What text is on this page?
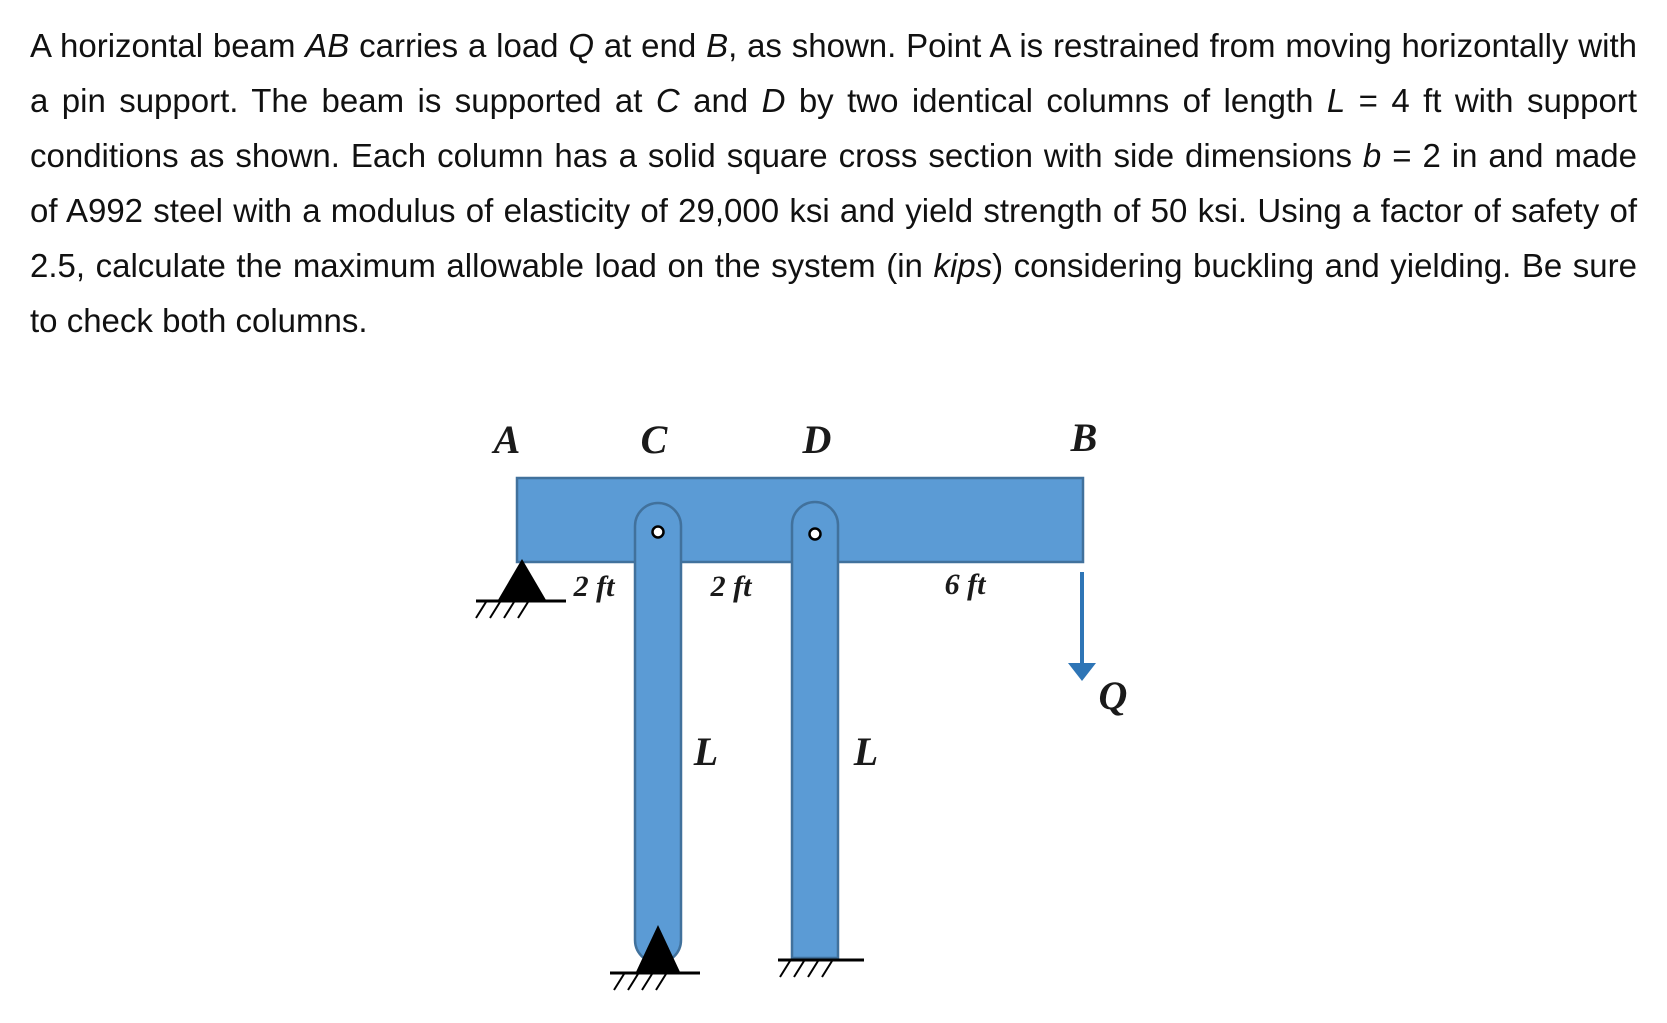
A horizontal beam AB carries a load Q at end B, as shown. Point A is restrained from moving horizontally with a pin support. The beam is supported at C and D by two identical columns of length L = 4 ft with support conditions as shown. Each column has a solid square cross section with side dimensions b = 2 in and made of A992 steel with a modulus of elasticity of 29,000 ksi and yield strength of 50 ksi. Using a factor of safety of 2.5, calculate the maximum allowable load on the system (in kips) considering buckling and yielding. Be sure to check both columns.

A	C	D	B
Q
2 ft	2 ft	6 ft
L	L
